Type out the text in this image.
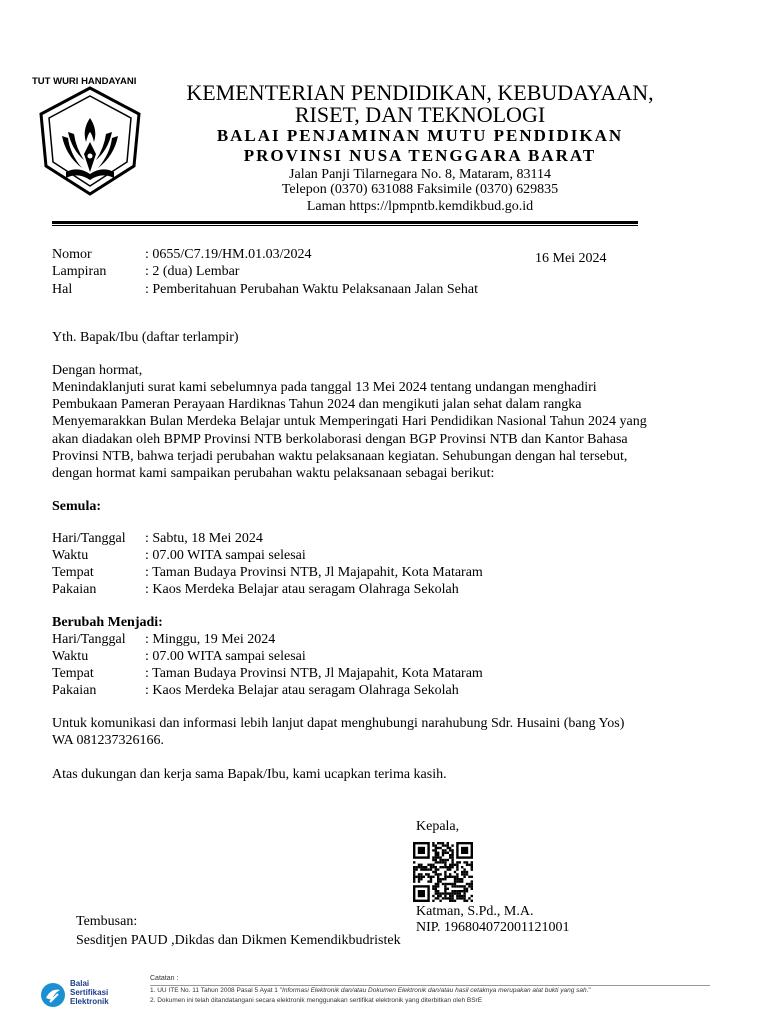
TUT WURI HANDAYANI	KEMENTERIAN PENDIDIKAN, KEBUDAYAAN,
RISET, DAN TEKNOLOGI
BALAI PENJAMINAN MUTU PENDIDIKAN
PROVINSI NUSA TENGGARA BARAT
Jalan Panji Tilarnegara No. 8, Mataram, 83114
Telepon (0370) 631088 Faksimile (0370) 629835
Laman https://lpmpntb.kemdikbud.go.id
Nomor	: 0655/C7.19/HM.01.03/2024	16 Mei 2024
Lampiran	: 2 (dua) Lembar
Hal	: Pemberitahuan Perubahan Waktu Pelaksanaan Jalan Sehat
Yth. Bapak/Ibu (daftar terlampir)
Dengan hormat,
Menindaklanjuti surat kami sebelumnya pada tanggal 13 Mei 2024 tentang undangan menghadiri
Pembukaan Pameran Perayaan Hardiknas Tahun 2024 dan mengikuti jalan sehat dalam rangka
Menyemarakkan Bulan Merdeka Belajar untuk Memperingati Hari Pendidikan Nasional Tahun 2024 yang
akan diadakan oleh BPMP Provinsi NTB berkolaborasi dengan BGP Provinsi NTB dan Kantor Bahasa
Provinsi NTB, bahwa terjadi perubahan waktu pelaksanaan kegiatan. Sehubungan dengan hal tersebut,
dengan hormat kami sampaikan perubahan waktu pelaksanaan sebagai berikut:
Semula:
Hari/Tanggal : Sabtu, 18 Mei 2024
Waktu	: 07.00 WITA sampai selesai
Tempat	: Taman Budaya Provinsi NTB, Jl Majapahit, Kota Mataram
Pakaian	: Kaos Merdeka Belajar atau seragam Olahraga Sekolah
Berubah Menjadi:
Hari/Tanggal : Minggu, 19 Mei 2024
Waktu	: 07.00 WITA sampai selesai
Tempat	: Taman Budaya Provinsi NTB, Jl Majapahit, Kota Mataram
Pakaian	: Kaos Merdeka Belajar atau seragam Olahraga Sekolah
Untuk komunikasi dan informasi lebih lanjut dapat menghubungi narahubung Sdr. Husaini (bang Yos)
WA 081237326166.
Atas dukungan dan kerja sama Bapak/Ibu, kami ucapkan terima kasih.
Kepala,
Katman, S.Pd., M.A.
NIP. 196804072001121001
Tembusan:
Sesditjen PAUD ,Dikdas dan Dikmen Kemendikbudristek
Balai
Sertifikasi
Elektronik
Catatan :
1. UU ITE No. 11 Tahun 2008 Pasal 5 Ayat 1 "Informasi Elektronik dan/atau Dokumen Elektronik dan/atau hasil cetaknya merupakan alat bukti yang sah."
2. Dokumen ini telah ditandatangani secara elektronik menggunakan sertifikat elektronik yang diterbitkan oleh BSrE
